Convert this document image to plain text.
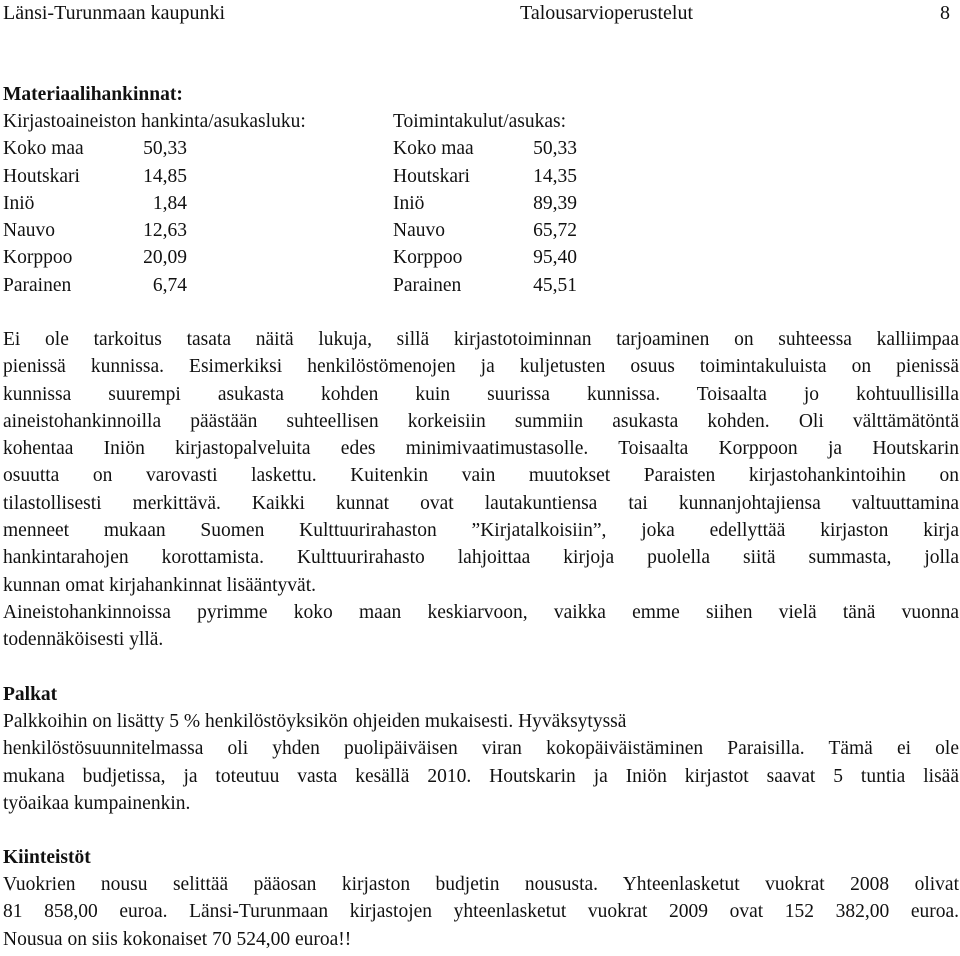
Länsi-Turunmaan kaupunki	Talousarvioperustelut	8
Materiaalihankinnat:
Kirjastoaineiston hankinta/asukasluku:	Toimintakulut/asukas:
Koko maa	50,33	Koko maa	50,33
Houtskari	14,85	Houtskari	14,35
Iniö	1,84	Iniö	89,39
Nauvo	12,63	Nauvo	65,72
Korppoo	20,09	Korppoo	95,40
Parainen	6,74	Parainen	45,51
Ei ole tarkoitus tasata näitä lukuja, sillä kirjastotoiminnan tarjoaminen on suhteessa kalliimpaa
pienissä kunnissa. Esimerkiksi henkilöstömenojen ja kuljetusten osuus toimintakuluista on pienissä
kunnissa suurempi asukasta kohden kuin suurissa kunnissa. Toisaalta jo kohtuullisilla
aineistohankinnoilla päästään suhteellisen korkeisiin summiin asukasta kohden. Oli välttämätöntä
kohentaa Iniön kirjastopalveluita edes minimivaatimustasolle. Toisaalta Korppoon ja Houtskarin
osuutta on varovasti laskettu. Kuitenkin vain muutokset Paraisten kirjastohankintoihin on
tilastollisesti merkittävä. Kaikki kunnat ovat lautakuntiensa tai kunnanjohtajiensa valtuuttamina
menneet mukaan Suomen Kulttuurirahaston ”Kirjatalkoisiin”, joka edellyttää kirjaston kirja
hankintarahojen korottamista. Kulttuurirahasto lahjoittaa kirjoja puolella siitä summasta, jolla
kunnan omat kirjahankinnat lisääntyvät.
Aineistohankinnoissa pyrimme koko maan keskiarvoon, vaikka emme siihen vielä tänä vuonna
todennäköisesti yllä.
Palkat
Palkkoihin on lisätty 5 % henkilöstöyksikön ohjeiden mukaisesti. Hyväksytyssä
henkilöstösuunnitelmassa oli yhden puolipäiväisen viran kokopäiväistäminen Paraisilla. Tämä ei ole
mukana budjetissa, ja toteutuu vasta kesällä 2010. Houtskarin ja Iniön kirjastot saavat 5 tuntia lisää
työaikaa kumpainenkin.
Kiinteistöt
Vuokrien nousu selittää pääosan kirjaston budjetin noususta. Yhteenlasketut vuokrat 2008 olivat
81 858,00 euroa. Länsi-Turunmaan kirjastojen yhteenlasketut vuokrat 2009 ovat 152 382,00 euroa.
Nousua on siis kokonaiset 70 524,00 euroa!!
